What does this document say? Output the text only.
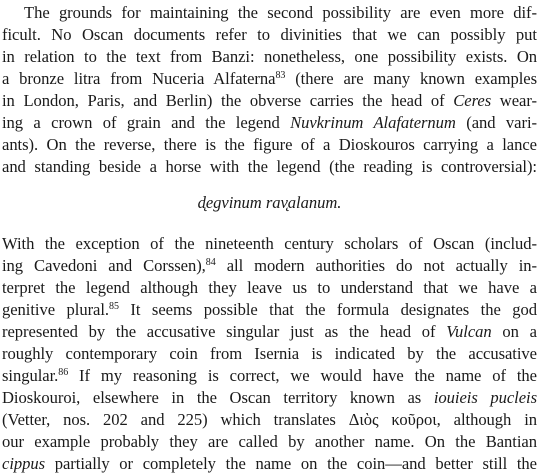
The grounds for maintaining the second possibility are even more dif-
ficult. No Oscan documents refer to divinities that we can possibly put
in relation to the text from Banzi: nonetheless, one possibility exists. On
a bronze litra from Nuceria Alfaterna$^{83}$ (there are many known examples
in London, Paris, and Berlin) the obverse carries the head of Ceres wear-
ing a crown of grain and the legend Nuvkrinum Alafaternum (and vari-
ants). On the reverse, there is the figure of a Dioskouros carrying a lance
and standing beside a horse with the legend (the reading is controversial):
d̨egvinum rav̨alanum.
With the exception of the nineteenth century scholars of Oscan (includ-
ing Cavedoni and Corssen),$^{84}$ all modern authorities do not actually in-
terpret the legend although they leave us to understand that we have a
genitive plural.$^{85}$ It seems possible that the formula designates the god
represented by the accusative singular just as the head of Vulcan on a
roughly contemporary coin from Isernia is indicated by the accusative
singular.$^{86}$ If my reasoning is correct, we would have the name of the
Dioskouroi, elsewhere in the Oscan territory known as iouieis pucleis
(Vetter, nos. 202 and 225) which translates Διὸς κοῦροι, although in
our example probably they are called by another name. On the Bantian
cippus partially or completely the name on the coin—and better still the
